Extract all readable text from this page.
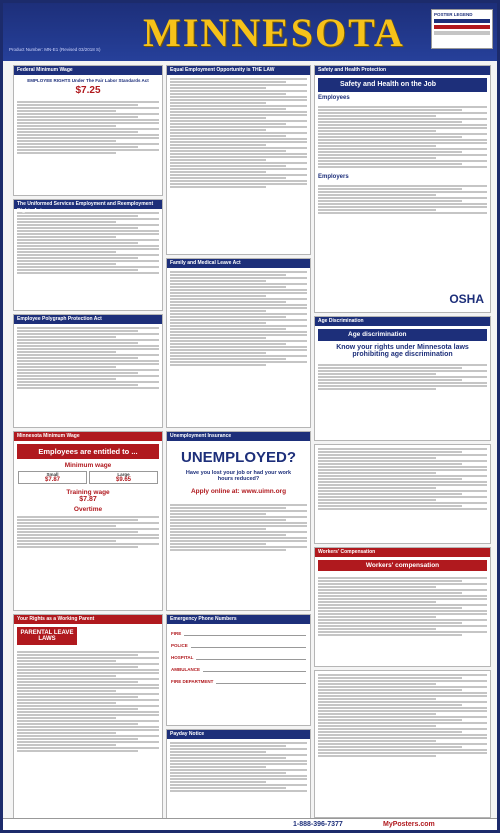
MINNESOTA
Product Number: MN-E1 (Revised 03/2018 S)
POSTER LEGEND
Federal Minimum Wage
EMPLOYEE RIGHTS Under The Fair Labor Standards Act
$7.25
The Uniformed Services Employment and Reemployment Rights Act
Employee Polygraph Protection Act
Equal Employment Opportunity is THE LAW
Family and Medical Leave Act
Safety and Health Protection
Safety and Health on the Job
Employees
Employers
OSHA
Age Discrimination
Age discrimination
Know your rights under Minnesota laws prohibiting age discrimination
Workers' Compensation
Workers' compensation
Minnesota Minimum Wage
Employees are entitled to ...
Minimum wage
Small
$7.87
Large
$9.65
Training wage
$7.87
Overtime
Unemployment Insurance
UNEMPLOYED?
Have you lost your job or had your work hours reduced?
Apply online at: www.uimn.org
Your Rights as a Working Parent
PARENTAL LEAVE LAWS
Emergency Phone Numbers
FIRE
POLICE
HOSPITAL
AMBULANCE
FIRE DEPARTMENT
Payday Notice
1-888-396-7377	MyPosters.com
